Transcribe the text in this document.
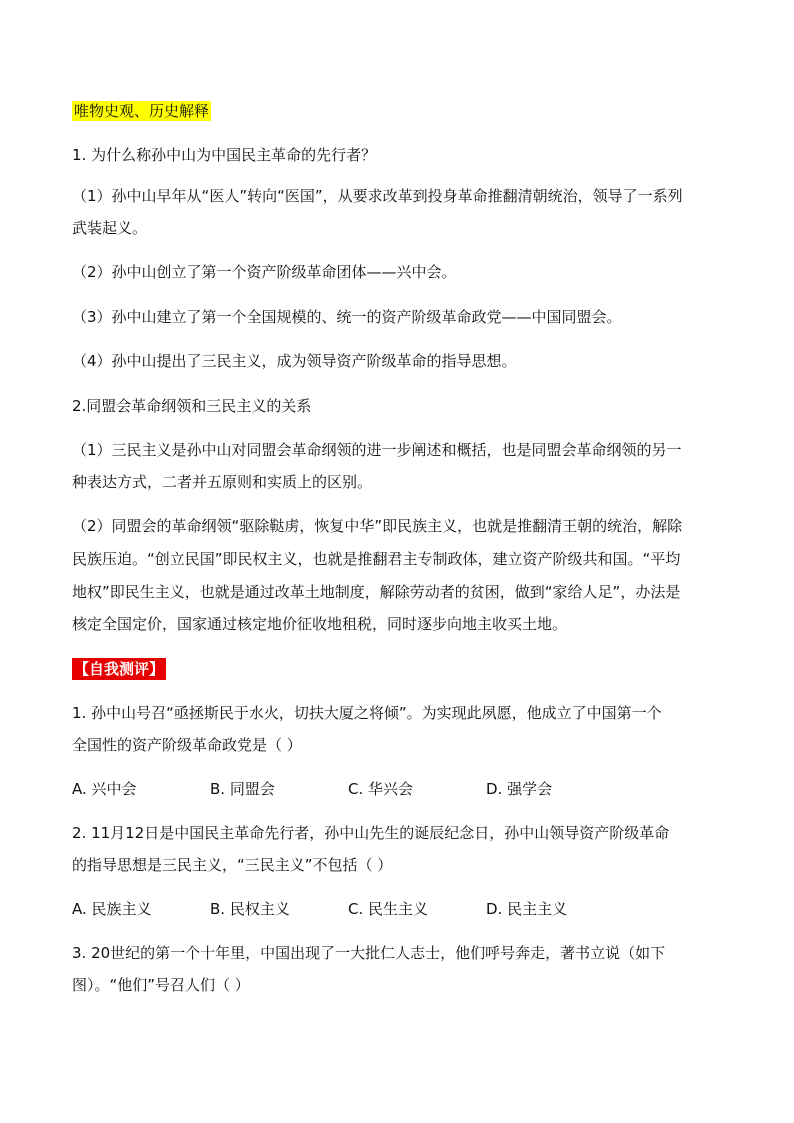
唯物史观、历史解释
1. 为什么称孙中山为中国民主革命的先行者？
（1）孙中山早年从“医人”转向“医国”，从要求改革到投身革命推翻清朝统治，领导了一系列
武装起义。
（2）孙中山创立了第一个资产阶级革命团体——兴中会。
（3）孙中山建立了第一个全国规模的、统一的资产阶级革命政党——中国同盟会。
（4）孙中山提出了三民主义，成为领导资产阶级革命的指导思想。
2.同盟会革命纲领和三民主义的关系
（1）三民主义是孙中山对同盟会革命纲领的进一步阐述和概括，也是同盟会革命纲领的另一
种表达方式，二者并五原则和实质上的区别。
（2）同盟会的革命纲领“驱除鞑虏，恢复中华”即民族主义，也就是推翻清王朝的统治，解除
民族压迫。“创立民国”即民权主义，也就是推翻君主专制政体，建立资产阶级共和国。“平均
地权”即民生主义，也就是通过改革土地制度，解除劳动者的贫困，做到“家给人足”，办法是
核定全国定价，国家通过核定地价征收地租税，同时逐步向地主收买土地。
【自我测评】
1. 孙中山号召“亟拯斯民于水火，切扶大厦之将倾”。为实现此夙愿，他成立了中国第一个
全国性的资产阶级革命政党是（ ）
A. 兴中会	B. 同盟会	C. 华兴会	D. 强学会
2. 11月12日是中国民主革命先行者，孙中山先生的诞辰纪念日，孙中山领导资产阶级革命
的指导思想是三民主义，“三民主义”不包括（ ）
A. 民族主义	B. 民权主义	C. 民生主义	D. 民主主义
3. 20世纪的第一个十年里，中国出现了一大批仁人志士，他们呼号奔走，著书立说（如下
图）。“他们”号召人们（ ）
